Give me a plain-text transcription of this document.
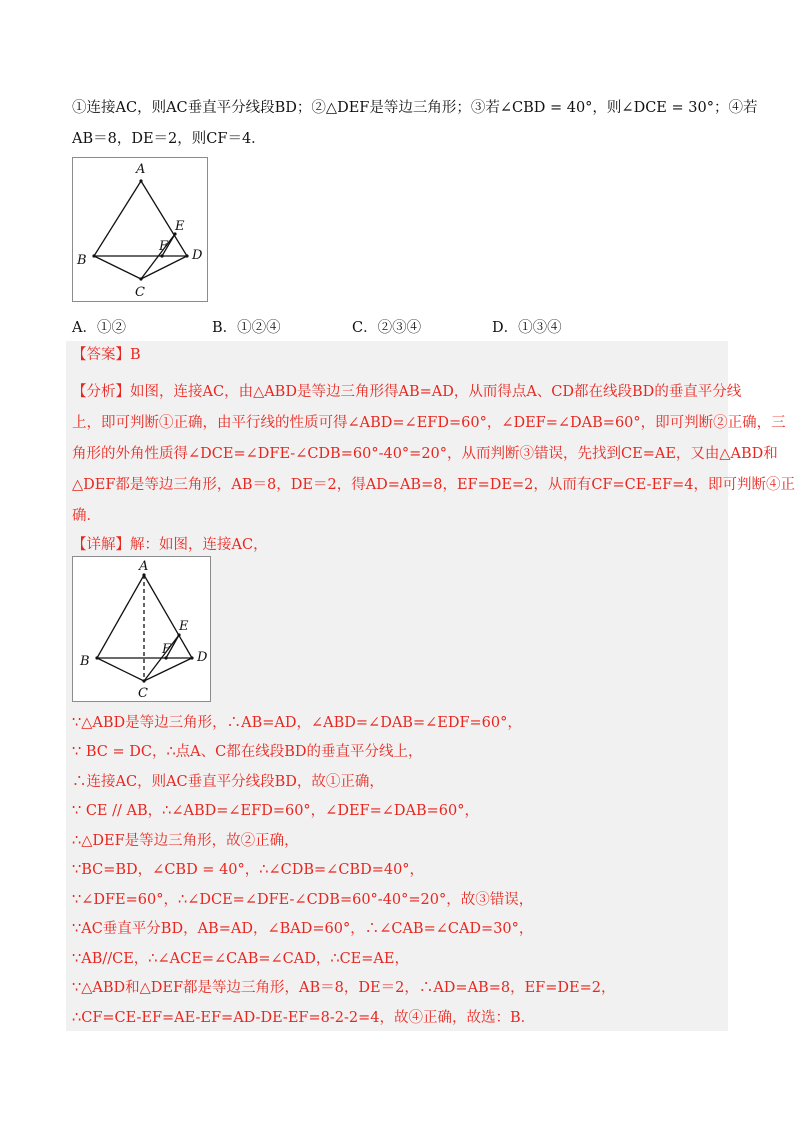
①连接AC，则AC垂直平分线段BD；②△DEF是等边三角形；③若∠CBD = 40°，则∠DCE = 30°；④若
AB＝8，DE＝2，则CF＝4．
A
B
C
D
E
F
A．①②	B．①②④	C．②③④	D．①③④
【答案】B
【分析】如图，连接AC，由△ABD是等边三角形得AB=AD，从而得点A、CD都在线段BD的垂直平分线
上，即可判断①正确，由平行线的性质可得∠ABD=∠EFD=60°，∠DEF=∠DAB=60°，即可判断②正确，三
角形的外角性质得∠DCE=∠DFE-∠CDB=60°-40°=20°，从而判断③错误，先找到CE=AE，又由△ABD和
△DEF都是等边三角形，AB＝8，DE＝2，得AD=AB=8，EF=DE=2，从而有CF=CE-EF=4，即可判断④正
确．
【详解】解：如图，连接AC，
A
B
C
D
E
F
∵△ABD是等边三角形，∴AB=AD，∠ABD=∠DAB=∠EDF=60°，
∵ BC = DC，∴点A、C都在线段BD的垂直平分线上，
∴连接AC，则AC垂直平分线段BD，故①正确，
∵ CE // AB，∴∠ABD=∠EFD=60°，∠DEF=∠DAB=60°，
∴△DEF是等边三角形，故②正确，
∵BC=BD，∠CBD = 40°，∴∠CDB=∠CBD=40°，
∵∠DFE=60°，∴∠DCE=∠DFE-∠CDB=60°-40°=20°，故③错误，
∵AC垂直平分BD，AB=AD，∠BAD=60°，∴∠CAB=∠CAD=30°，
∵AB//CE，∴∠ACE=∠CAB=∠CAD，∴CE=AE，
∵△ABD和△DEF都是等边三角形，AB＝8，DE＝2，∴AD=AB=8，EF=DE=2，
∴CF=CE-EF=AE-EF=AD-DE-EF=8-2-2=4，故④正确，故选：B．
